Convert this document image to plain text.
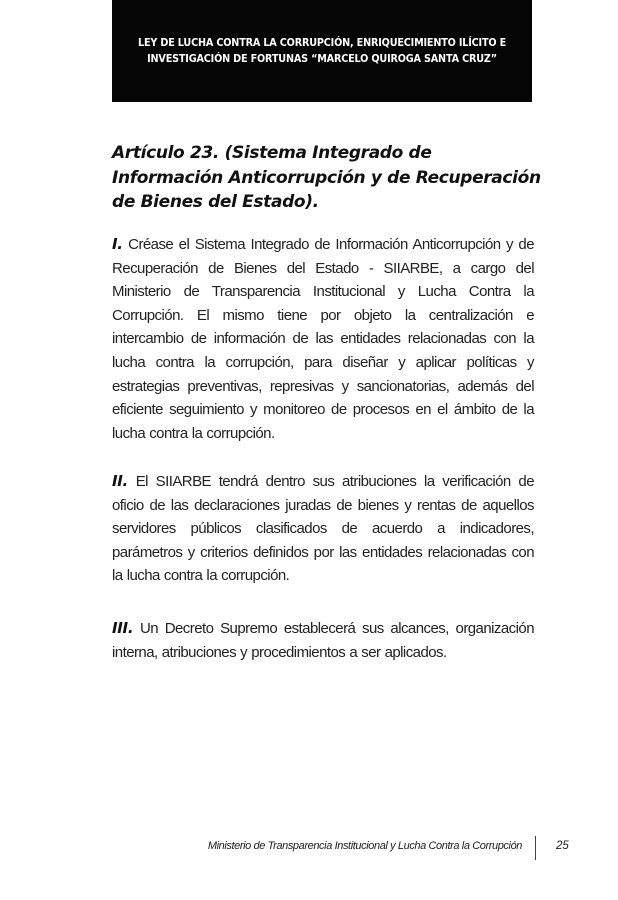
LEY DE LUCHA CONTRA LA CORRUPCIÓN, ENRIQUECIMIENTO ILÍCITO E
INVESTIGACIÓN DE FORTUNAS “MARCELO QUIROGA SANTA CRUZ”
Artículo 23. (Sistema Integrado de Información Anticorrupción y de Recuperación de Bienes del Estado).
I. Créase el Sistema Integrado de Información Anticorrupción y de Recuperación de Bienes del Estado - SIIARBE, a cargo del Ministerio de Transparencia Institucional y Lucha Contra la Corrupción. El mismo tiene por objeto la centralización e intercambio de información de las entidades relacionadas con la lucha contra la corrupción, para diseñar y aplicar políticas y estrategias preventivas, represivas y sancionatorias, además del eficiente seguimiento y monitoreo de procesos en el ámbito de la lucha contra la corrupción.
II. El SIIARBE tendrá dentro sus atribuciones la verificación de oficio de las declaraciones juradas de bienes y rentas de aquellos servidores públicos clasificados de acuerdo a indicadores, parámetros y criterios definidos por las entidades relacionadas con la lucha contra la corrupción.
III. Un Decreto Supremo establecerá sus alcances, organización interna, atribuciones y procedimientos a ser aplicados.
Ministerio de Transparencia Institucional y Lucha Contra la Corrupción	25
